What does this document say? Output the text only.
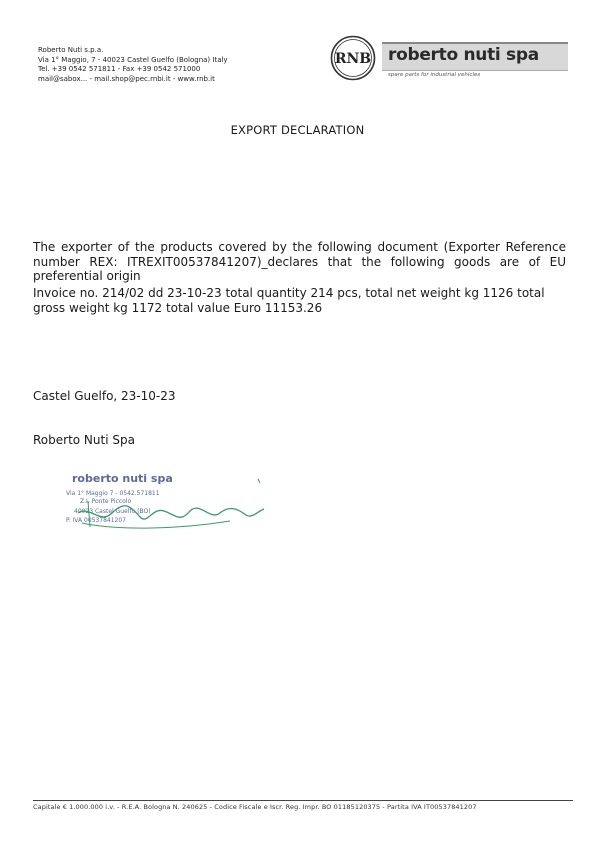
Roberto Nuti s.p.a.
Via 1° Maggio, 7 - 40023 Castel Guelfo (Bologna) Italy
Tel. +39 0542 571811 - Fax +39 0542 571000
mail@sabox... - mail.shop@pec.rnbi.it - www.rnb.it
RNB roberto nuti spa
spare parts for industrial vehicles
EXPORT DECLARATION
The exporter of the products covered by the following document (Exporter Reference number REX: ITREXIT00537841207)_declares that the following goods are of EU preferential origin
Invoice no. 214/02 dd 23-10-23 total quantity 214 pcs, total net weight kg 1126 total gross weight kg 1172 total value Euro 11153.26
Castel Guelfo, 23-10-23
Roberto Nuti Spa
roberto nuti spa
Via 1° Maggio 7 - 0542.571811
Z.I. Ponte Piccolo
40023 Castel Guelfo (BO)
P. IVA 00537841207
Capitale € 1.000.000 i.v. - R.E.A. Bologna N. 240625 - Codice Fiscale e Iscr. Reg. Impr. BO 01185120375 - Partita IVA IT00537841207
